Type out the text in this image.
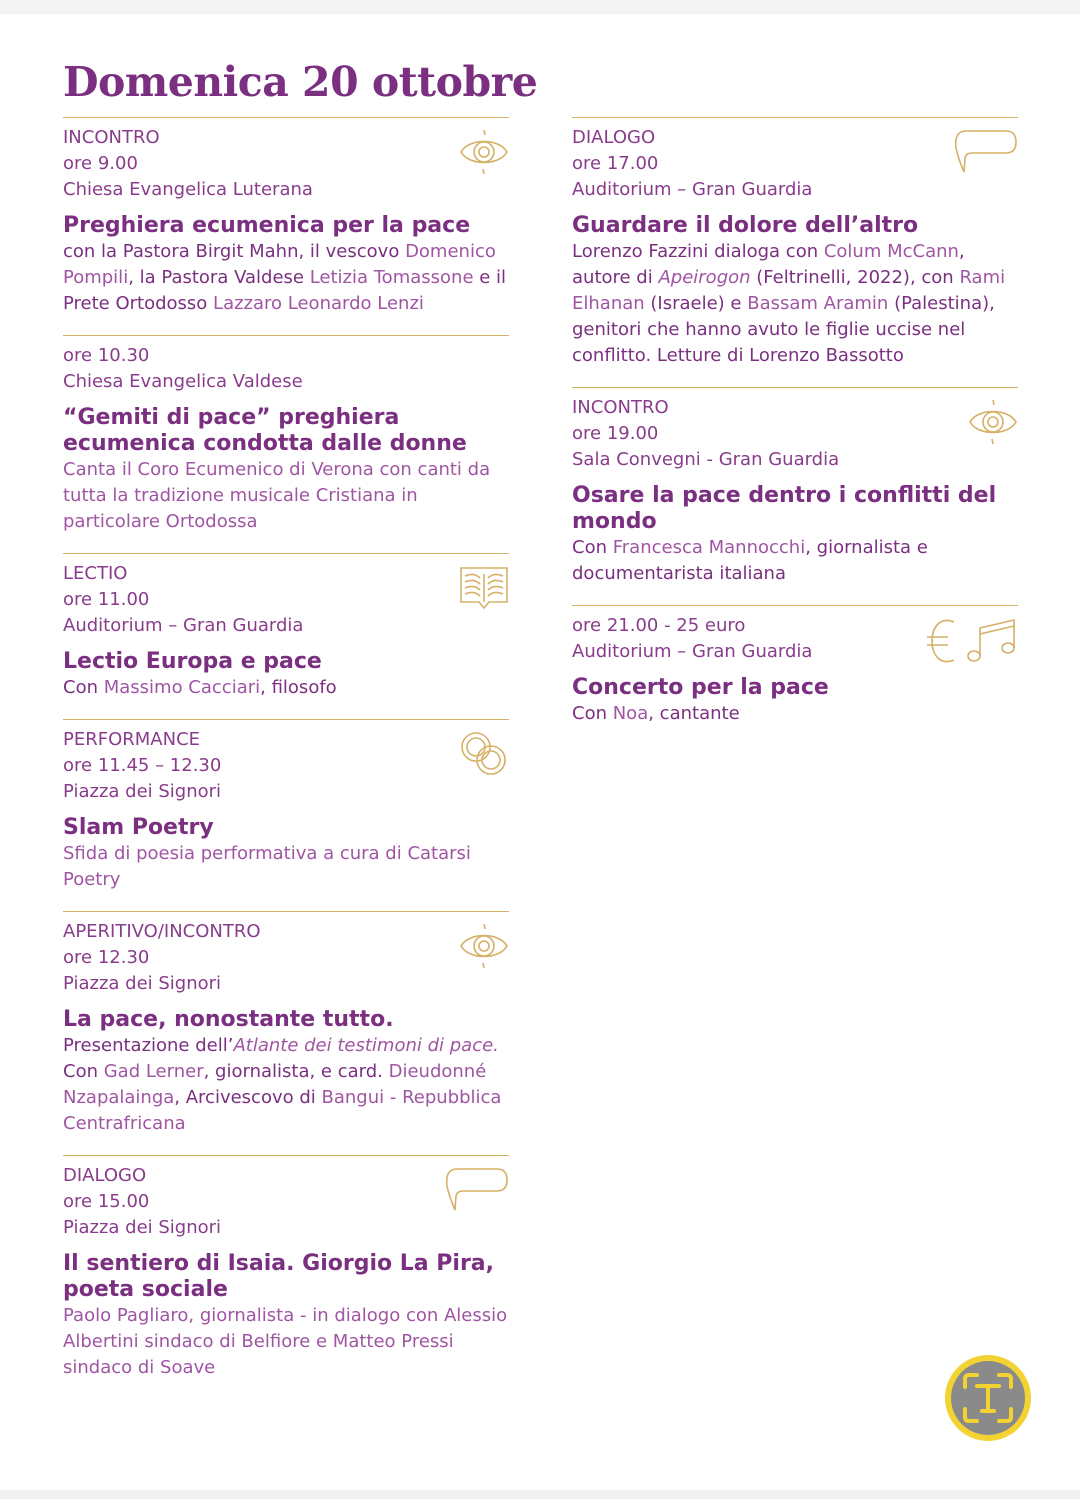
Domenica 20 ottobre
INCONTRO
ore 9.00
Chiesa Evangelica Luterana
Preghiera ecumenica per la pace
con la Pastora Birgit Mahn, il vescovo Domenico Pompili, la Pastora Valdese Letizia Tomassone e il Prete Ortodosso Lazzaro Leonardo Lenzi
ore 10.30
Chiesa Evangelica Valdese
“Gemiti di pace” preghiera ecumenica condotta dalle donne
Canta il Coro Ecumenico di Verona con canti da tutta la tradizione musicale Cristiana in particolare Ortodossa
LECTIO
ore 11.00
Auditorium – Gran Guardia
Lectio Europa e pace
Con Massimo Cacciari, filosofo
PERFORMANCE
ore 11.45 – 12.30
Piazza dei Signori
Slam Poetry
Sfida di poesia performativa a cura di Catarsi Poetry
APERITIVO/INCONTRO
ore 12.30
Piazza dei Signori
La pace, nonostante tutto.
Presentazione dell’Atlante dei testimoni di pace. Con Gad Lerner, giornalista, e card. Dieudonné Nzapalainga, Arcivescovo di Bangui - Repubblica Centrafricana
DIALOGO
ore 15.00
Piazza dei Signori
Il sentiero di Isaia. Giorgio La Pira, poeta sociale
Paolo Pagliaro, giornalista - in dialogo con Alessio Albertini sindaco di Belfiore e Matteo Pressi sindaco di Soave
DIALOGO
ore 17.00
Auditorium – Gran Guardia
Guardare il dolore dell’altro
Lorenzo Fazzini dialoga con Colum McCann, autore di Apeirogon (Feltrinelli, 2022), con Rami Elhanan (Israele) e Bassam Aramin (Palestina), genitori che hanno avuto le figlie uccise nel conflitto. Letture di Lorenzo Bassotto
INCONTRO
ore 19.00
Sala Convegni - Gran Guardia
Osare la pace dentro i conflitti del mondo
Con Francesca Mannocchi, giornalista e documentarista italiana
ore 21.00 - 25 euro
Auditorium – Gran Guardia
Concerto per la pace
Con Noa, cantante
